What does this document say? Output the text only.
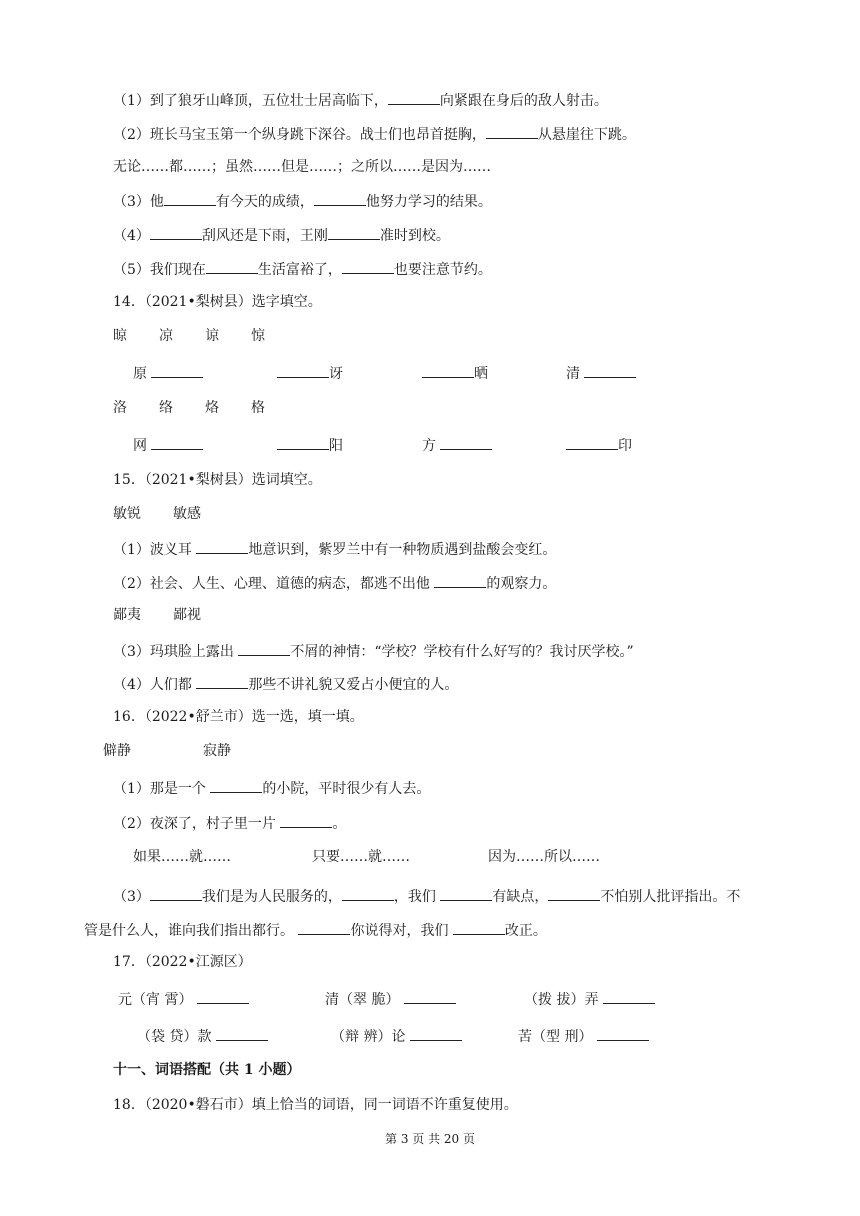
（1）到了狼牙山峰顶，五位壮士居高临下，	向紧跟在身后的敌人射击。
（2）班长马宝玉第一个纵身跳下深谷。战士们也昂首挺胸，	从悬崖往下跳。
无论……都……；虽然……但是……；之所以……是因为……
（3）他	有今天的成绩，	他努力学习的结果。
（4）	刮风还是下雨，王刚	准时到校。
（5）我们现在	生活富裕了，	也要注意节约。
14．（2021•梨树县）选字填空。
晾 凉 谅 惊
原	讶	晒	清
洛 络 烙 格
网	阳	方	印
15．（2021•梨树县）选词填空。
敏锐 敏感
（1）波义耳	地意识到，紫罗兰中有一种物质遇到盐酸会变红。
（2）社会、人生、心理、道德的病态，都逃不出他	的观察力。
鄙夷 鄙视
（3）玛琪脸上露出	不屑的神情：“学校？学校有什么好写的？我讨厌学校。”
（4）人们都	那些不讲礼貌又爱占小便宜的人。
16．（2022•舒兰市）选一选，填一填。
僻静	寂静
（1）那是一个	的小院，平时很少有人去。
（2）夜深了，村子里一片	。
如果……就……	只要……就……	因为……所以……
（3）	我们是为人民服务的，	，我们	有缺点，	不怕别人批评指出。不
管是什么人，谁向我们指出都行。	你说得对，我们	改正。
17．（2022•江源区）
元（宵 霄）	清（翠 脆）	（拨 拔）弄
（袋 贷）款	（辩 辨）论	苦（型 刑）
十一、词语搭配（共 1 小题）
18．（2020•磐石市）填上恰当的词语，同一词语不许重复使用。
第 3 页 共 20 页
